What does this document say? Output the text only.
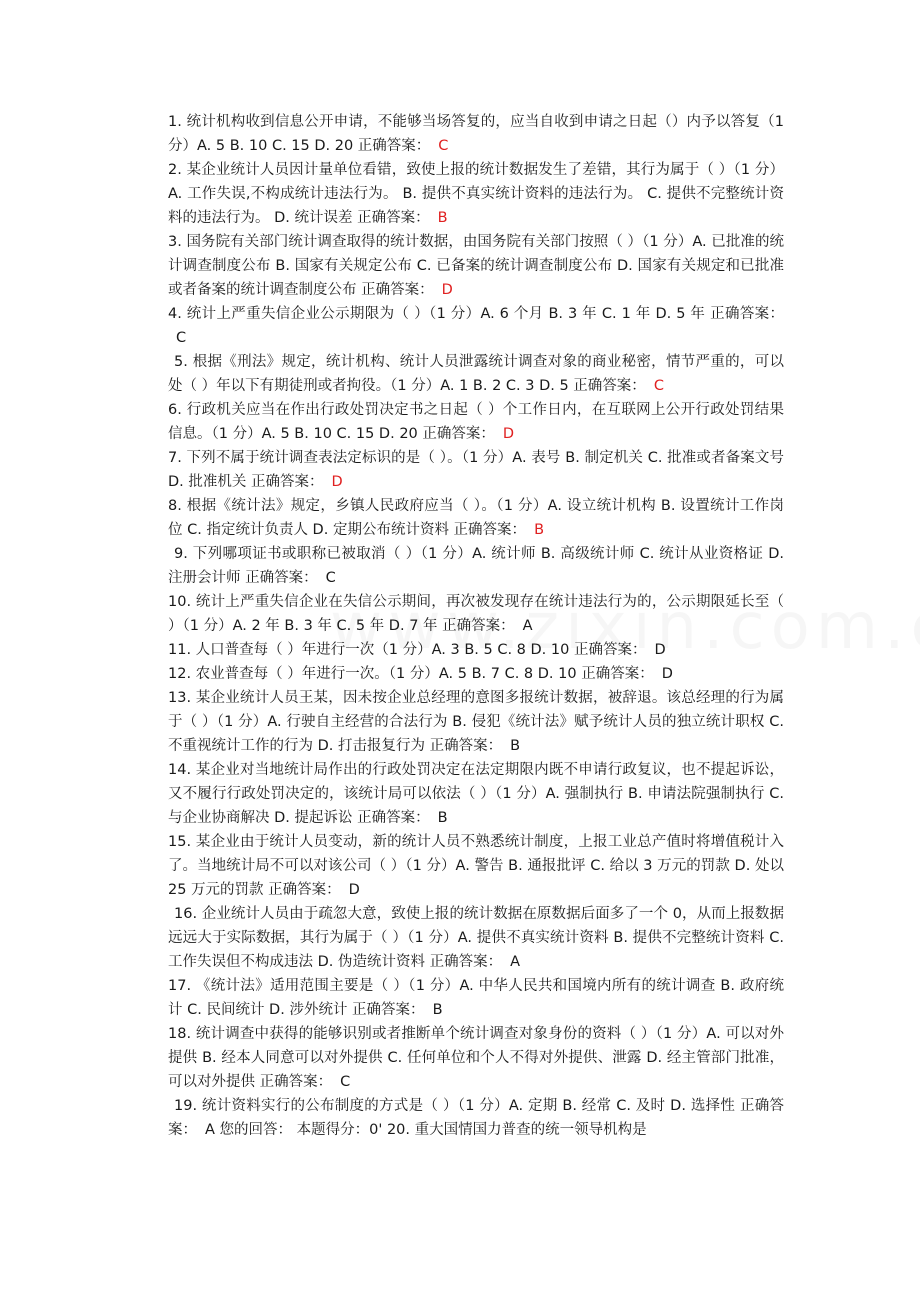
1. 统计机构收到信息公开申请，不能够当场答复的，应当自收到申请之日起（）内予以答复（1 分）A. 5 B. 10 C. 15 D. 20 正确答案： C

2. 某企业统计人员因计量单位看错，致使上报的统计数据发生了差错，其行为属于（ ）（1 分）A. 工作失误,不构成统计违法行为。 B. 提供不真实统计资料的违法行为。 C. 提供不完整统计资料的违法行为。 D. 统计误差 正确答案： B

3. 国务院有关部门统计调查取得的统计数据，由国务院有关部门按照（ ）（1 分）A. 已批准的统计调查制度公布 B. 国家有关规定公布 C. 已备案的统计调查制度公布 D. 国家有关规定和已批准或者备案的统计调查制度公布 正确答案： D

4. 统计上严重失信企业公示期限为（ ）（1 分）A. 6 个月 B. 3 年 C. 1 年 D. 5 年 正确答案：C

5. 根据《刑法》规定，统计机构、统计人员泄露统计调查对象的商业秘密，情节严重的，可以处（ ）年以下有期徒刑或者拘役。（1 分）A. 1 B. 2 C. 3 D. 5 正确答案： C

6. 行政机关应当在作出行政处罚决定书之日起（ ）个工作日内，在互联网上公开行政处罚结果信息。（1 分）A. 5 B. 10 C. 15 D. 20 正确答案： D

7. 下列不属于统计调查表法定标识的是（ ）。（1 分）A. 表号 B. 制定机关 C. 批准或者备案文号 D. 批准机关 正确答案： D

8. 根据《统计法》规定，乡镇人民政府应当（ ）。（1 分）A. 设立统计机构 B. 设置统计工作岗位 C. 指定统计负责人 D. 定期公布统计资料 正确答案： B

9. 下列哪项证书或职称已被取消（ ）（1 分）A. 统计师 B. 高级统计师 C. 统计从业资格证 D. 注册会计师 正确答案： C

10. 统计上严重失信企业在失信公示期间，再次被发现存在统计违法行为的，公示期限延长至（ ）（1 分）A. 2 年 B. 3 年 C. 5 年 D. 7 年 正确答案： A

11. 人口普查每（ ）年进行一次（1 分）A. 3 B. 5 C. 8 D. 10 正确答案： D

12. 农业普查每（ ）年进行一次。（1 分）A. 5 B. 7 C. 8 D. 10 正确答案： D

13. 某企业统计人员王某，因未按企业总经理的意图多报统计数据，被辞退。该总经理的行为属于（ ）（1 分）A. 行驶自主经营的合法行为 B. 侵犯《统计法》赋予统计人员的独立统计职权 C. 不重视统计工作的行为 D. 打击报复行为 正确答案： B

14. 某企业对当地统计局作出的行政处罚决定在法定期限内既不申请行政复议，也不提起诉讼，又不履行行政处罚决定的，该统计局可以依法（ ）（1 分）A. 强制执行 B. 申请法院强制执行 C. 与企业协商解决 D. 提起诉讼 正确答案： B

15. 某企业由于统计人员变动，新的统计人员不熟悉统计制度，上报工业总产值时将增值税计入了。当地统计局不可以对该公司（ ）（1 分）A. 警告 B. 通报批评 C. 给以 3 万元的罚款 D. 处以 25 万元的罚款 正确答案： D

16. 企业统计人员由于疏忽大意，致使上报的统计数据在原数据后面多了一个 0，从而上报数据远远大于实际数据，其行为属于（ ）（1 分）A. 提供不真实统计资料 B. 提供不完整统计资料 C. 工作失误但不构成违法 D. 伪造统计资料 正确答案： A

17. 《统计法》适用范围主要是（ ）（1 分）A. 中华人民共和国境内所有的统计调查 B. 政府统计 C. 民间统计 D. 涉外统计 正确答案： B

18. 统计调查中获得的能够识别或者推断单个统计调查对象身份的资料（ ）（1 分）A. 可以对外提供 B. 经本人同意可以对外提供 C. 任何单位和个人不得对外提供、泄露 D. 经主管部门批准，可以对外提供 正确答案： C

19. 统计资料实行的公布制度的方式是（ ）（1 分）A. 定期 B. 经常 C. 及时 D. 选择性 正确答案： A 您的回答： 本题得分：0' 20. 重大国情国力普查的统一领导机构是
